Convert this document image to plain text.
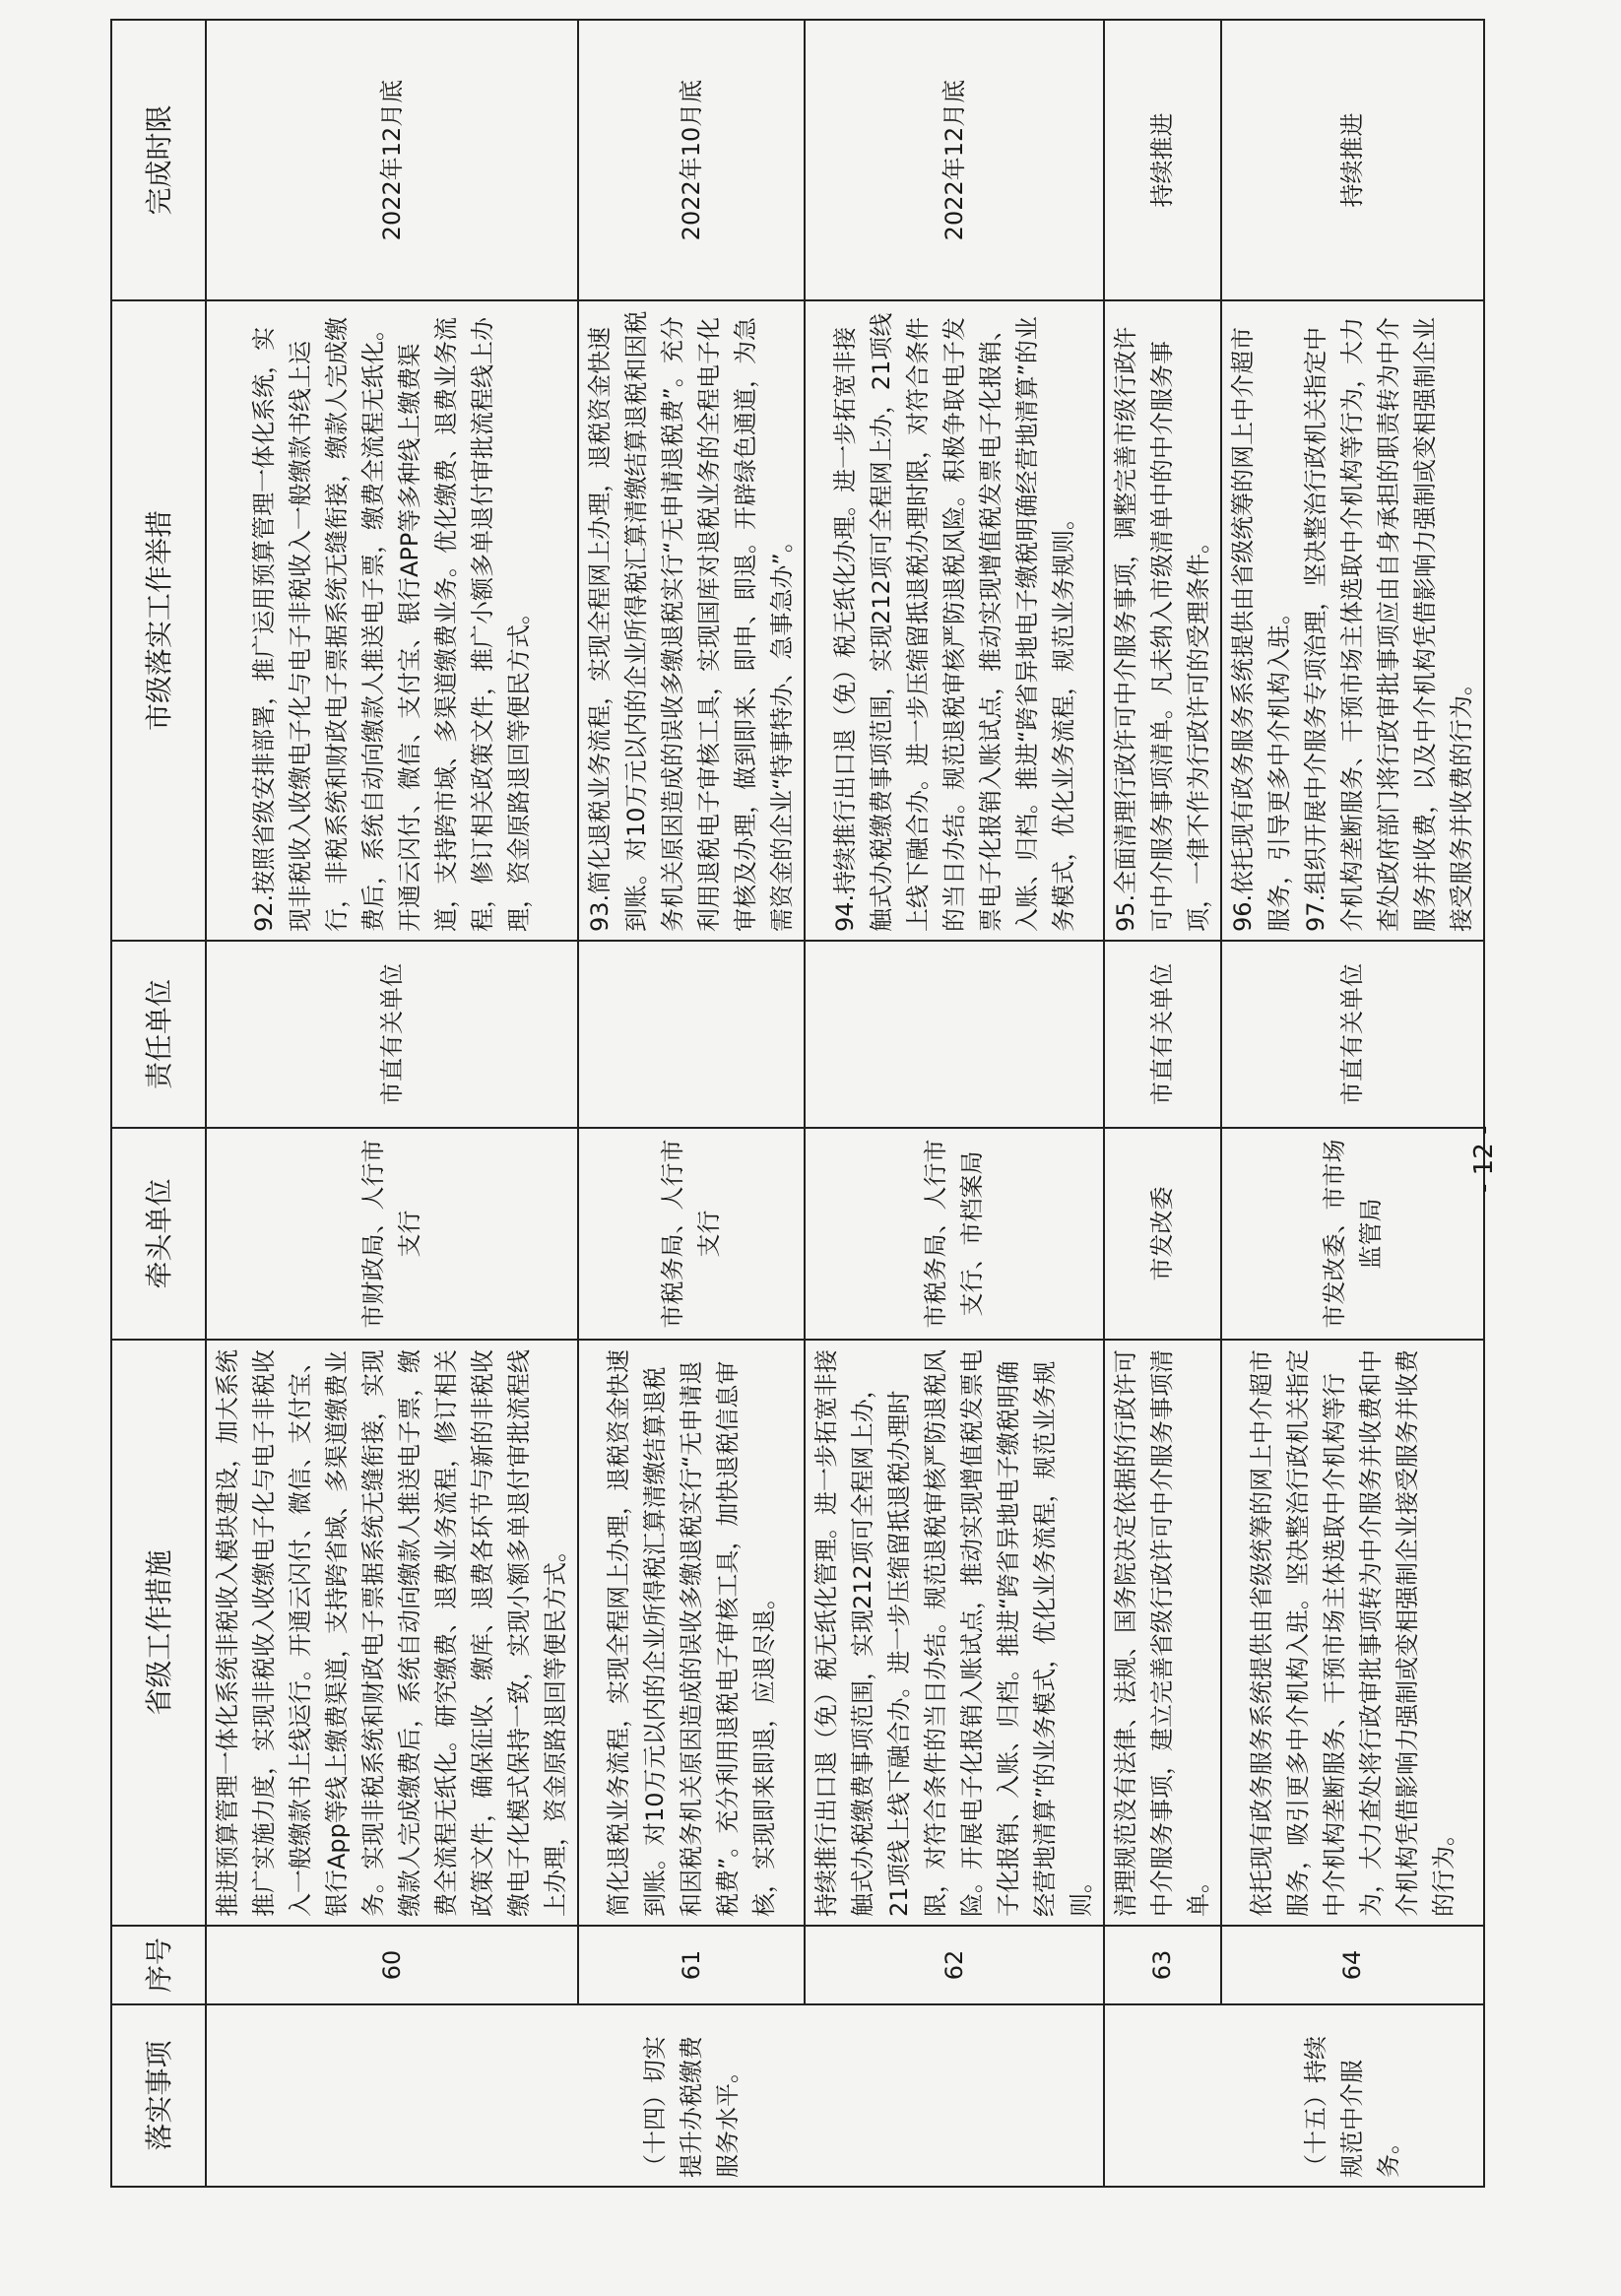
落实事项	序号	省级工作措施	牵头单位	责任单位	市级落实工作举措	完成时限
	60	推进预算管理一体化系统非税收入模块建设，加大系统推广实施力度，实现非税收入收缴电子化与电子非税收入一般缴款书上线运行。开通云闪付、微信、支付宝、银行App等线上缴费渠道，支持跨省域、多渠道缴费业务。实现非税系统和财政电子票据系统无缝衔接，实现缴款人完成缴费后，系统自动向缴款人推送电子票，缴费全流程无纸化。研究缴费、退费业务流程，修订相关政策文件，确保征收、缴库、退费各环节与新的非税收缴电子化模式保持一致，实现小额多单退付审批流程线上办理，资金原路退回等便民方式。	市财政局、人行市支行	市直有关单位	92.按照省级安排部署，推广运用预算管理一体化系统，实现非税收入收缴电子化与电子非税收入一般缴款书线上运行，非税系统和财政电子票据系统无缝衔接，缴款人完成缴费后，系统自动向缴款人推送电子票，缴费全流程无纸化。开通云闪付、微信、支付宝、银行APP等多种线上缴费渠道，支持跨市域、多渠道缴费业务。优化缴费、退费业务流程，修订相关政策文件，推广小额多单退付审批流程线上办理，资金原路退回等便民方式。	2022年12月底
（十四）切实提升办税缴费服务水平。	61	简化退税业务流程，实现全程网上办理，退税资金快速到账。对10万元以内的企业所得税汇算清缴结算退税和因税务机关原因造成的误收多缴退税实行“无申请退税费”。充分利用退税电子审核工具，加快退税信息审核，实现即来即退，应退尽退。	市税务局、人行市支行		93.简化退税业务流程，实现全程网上办理，退税资金快速到账。对10万元以内的企业所得税汇算清缴结算退税和因税务机关原因造成的误收多缴退税实行“无申请退税费”。充分利用退税电子审核工具，实现国库对退税业务的全程电子化审核及办理，做到即来、即申、即退。开辟绿色通道，为急需资金的企业“特事特办、急事急办”。	2022年10月底
	62	持续推行出口退（免）税无纸化管理。进一步拓宽非接触式办税缴费事项范围，实现212项可全程网上办，21项线上线下融合办。进一步压缩留抵退税办理时限，对符合条件的当日办结。规范退税审核严防退税风险。开展电子化报销入账试点，推动实现增值税发票电子化报销、入账、归档。推进“跨省异地电子缴税明确经营地清算”的业务模式，优化业务流程，规范业务规则。	市税务局、人行市支行、市档案局		94.持续推行出口退（免）税无纸化办理。进一步拓宽非接触式办税缴费事项范围，实现212项可全程网上办，21项线上线下融合办。进一步压缩留抵退税办理时限，对符合条件的当日办结。规范退税审核严防退税风险。积极争取电子发票电子化报销入账试点，推动实现增值税发票电子化报销、入账、归档。推进“跨省异地电子缴税明确经营地清算”的业务模式，优化业务流程，规范业务规则。	2022年12月底
	63	清理规范没有法律、法规、国务院决定依据的行政许可中介服务事项，建立完善省级行政许可中介服务事项清单。	市发改委	市直有关单位	95.全面清理行政许可中介服务事项，调整完善市级行政许可中介服务事项清单。凡未纳入市级清单中的中介服务事项，一律不作为行政许可的受理条件。	持续推进
（十五）持续规范中介服务。	64	依托现有政务服务系统提供由省级统筹的网上中介超市服务，吸引更多中介机构入驻。坚决整治行政机关指定中介机构垄断服务、干预市场主体选取中介机构等行为，大力查处将行政审批事项转为中介服务并收费和中介机构凭借影响力强制或变相强制企业接受服务并收费的行为。	市发改委、市市场监管局	市直有关单位	96.依托现有政务服务系统提供由省级统筹的网上中介超市服务，引导更多中介机构入驻。
97.组织开展中介服务专项治理，坚决整治行政机关指定中介机构垄断服务、干预市场主体选取中介机构等行为，大力查处政府部门将行政审批事项应由自身承担的职责转为中介服务并收费，以及中介机构凭借影响力强制或变相强制企业接受服务并收费的行为。	持续推进
- 12 -
